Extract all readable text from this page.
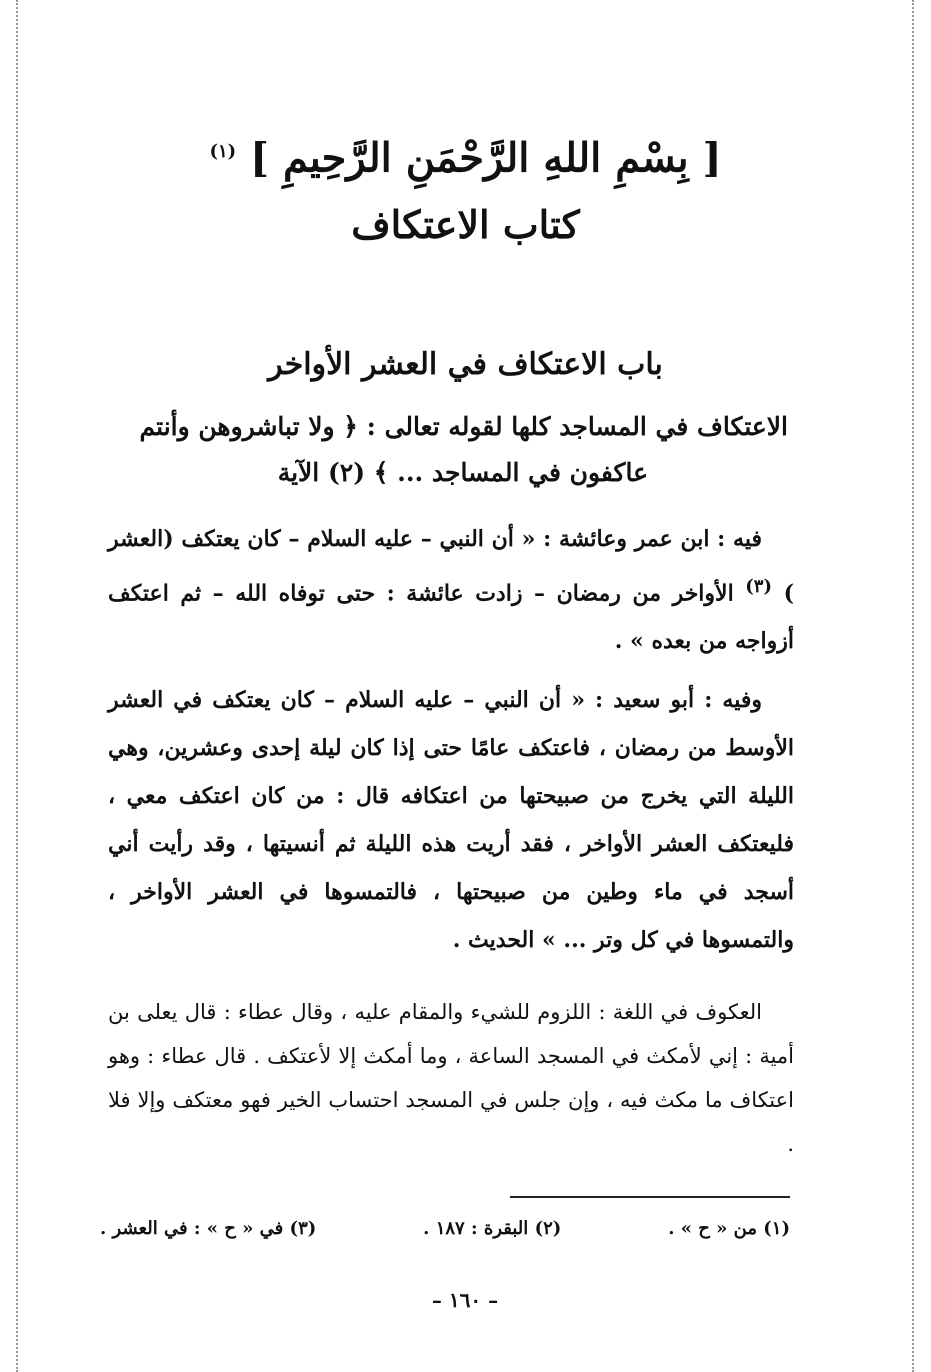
[ بِسْمِ اللهِ الرَّحْمَنِ الرَّحِيمِ ] $^{(١)}$
كتاب الاعتكاف
باب الاعتكاف في العشر الأواخر
الاعتكاف في المساجد كلها لقوله تعالى : ﴿ ولا تباشروهن وأنتم
عاكفون في المساجد ... ﴾ (٢) الآية
فيه : ابن عمر وعائشة : « أن النبي – عليه السلام – كان يعتكف (العشر ) $^{(٣)}$ الأواخر من رمضان – زادت عائشة : حتى توفاه الله – ثم اعتكف أزواجه من بعده » .
وفيه : أبو سعيد : « أن النبي – عليه السلام – كان يعتكف في العشر الأوسط من رمضان ، فاعتكف عامًا حتى إذا كان ليلة إحدى وعشرين، وهي الليلة التي يخرج من صبيحتها من اعتكافه قال : من كان اعتكف معي ، فليعتكف العشر الأواخر ، فقد أريت هذه الليلة ثم أنسيتها ، وقد رأيت أني أسجد في ماء وطين من صبيحتها ، فالتمسوها في العشر الأواخر ، والتمسوها في كل وتر ... » الحديث .
العكوف في اللغة : اللزوم للشيء والمقام عليه ، وقال عطاء : قال يعلى بن أمية : إني لأمكث في المسجد الساعة ، وما أمكث إلا لأعتكف . قال عطاء : وهو اعتكاف ما مكث فيه ، وإن جلس في المسجد احتساب الخير فهو معتكف وإلا فلا .
(١) من « ح » .
(٢) البقرة : ١٨٧ .
(٣) في « ح » : في العشر .
– ١٦٠ –
